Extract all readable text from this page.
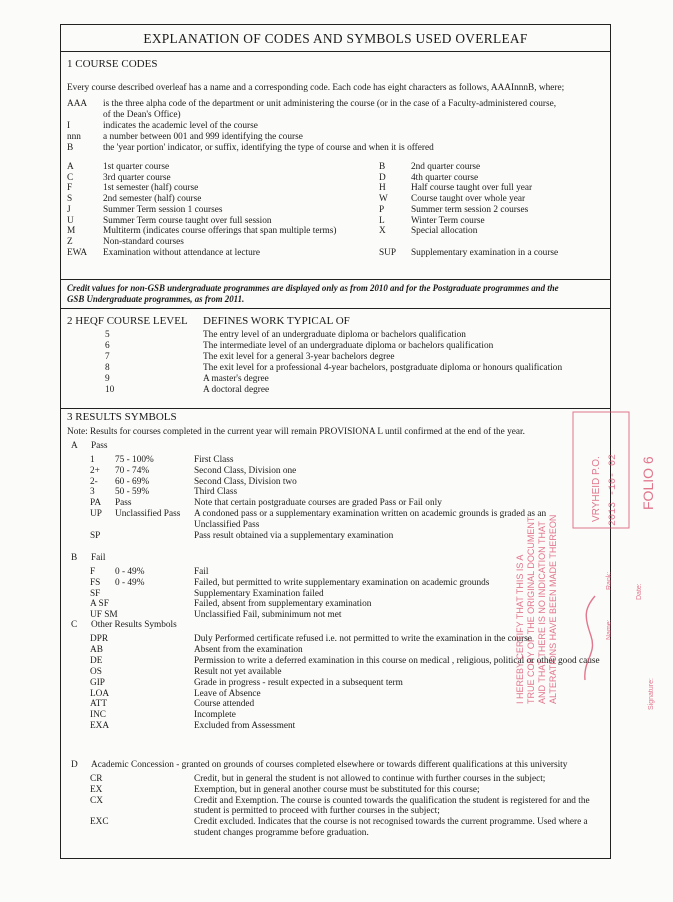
EXPLANATION OF CODES AND SYMBOLS USED OVERLEAF
1 COURSE CODES
Every course described overleaf has a name and a corresponding code. Each code has eight characters as follows, AAAInnnB, where;
AAA is the three alpha code of the department or unit administering the course (or in the case of a Faculty-administered course,
of the Dean's Office)
I	indicates the academic level of the course
nnn a number between 001 and 999 identifying the course
B	the 'year portion' indicator, or suffix, identifying the type of course and when it is offered
A	1st quarter course
C	3rd quarter course
F	1st semester (half) course
S	2nd semester (half) course
J	Summer Term session 1 courses
U	Summer Term course taught over full session
M	Multiterm (indicates course offerings that span multiple terms)
Z	Non-standard courses
EWA Examination without attendance at lecture
B	2nd quarter course
D	4th quarter course
H	Half course taught over full year
W Course taught over whole year
P	Summer term session 2 courses
L	Winter Term course
X	Special allocation
SUP Supplementary examination in a course
Credit values for non-GSB undergraduate programmes are displayed only as from 2010 and for the Postgraduate programmes and the
GSB Undergraduate programmes, as from 2011.
2 HEQF COURSE LEVEL DEFINES WORK TYPICAL OF
5	The entry level of an undergraduate diploma or bachelors qualification
6	The intermediate level of an undergraduate diploma or bachelors qualification
7	The exit level for a general 3-year bachelors degree
8	The exit level for a professional 4-year bachelors, postgraduate diploma or honours qualification
9	A master's degree
10	A doctoral degree
3 RESULTS SYMBOLS
Note: Results for courses completed in the current year will remain PROVISIONA L until confirmed at the end of the year.
A Pass
1 75 - 100%	First Class
2+ 70 - 74%	Second Class, Division one
2- 60 - 69%	Second Class, Division two
3 50 - 59%	Third Class
PA Pass	Note that certain postgraduate courses are graded Pass or Fail only
UP Unclassified Pass A condoned pass or a supplementary examination written on academic grounds is graded as an
Unclassified Pass
SP	Pass result obtained via a supplementary examination
B Fail
F 0 - 49%	Fail
FS 0 - 49%	Failed, but permitted to write supplementary examination on academic grounds
SF	Supplementary Examination failed
A SF	Failed, absent from supplementary examination
UF SM	Unclassified Fail, subminimum not met
C Other Results Symbols
DPR	Duly Performed certificate refused i.e. not permitted to write the examination in the course
AB	Absent from the examination
DE	Permission to write a deferred examination in this course on medical , religious, political or other good cause
OS	Result not yet available
GIP	Grade in progress - result expected in a subsequent term
LOA	Leave of Absence
ATT	Course attended
INC	Incomplete
EXA	Excluded from Assessment
D Academic Concession - granted on grounds of courses completed elsewhere or towards different qualifications at this university
CR	Credit, but in general the student is not allowed to continue with further courses in the subject;
EX	Exemption, but in general another course must be substituted for this course;
CX	Credit and Exemption. The course is counted towards the qualification the student is registered for and the
student is permitted to proceed with further courses in the subject;
EXC	Credit excluded. Indicates that the course is not recognised towards the current programme. Used where a
student changes programme before graduation.
I HEREBY CERTIFY THAT THIS IS A TRUE COPY OF THE ORIGINAL DOCUMENT AND THAT THERE IS NO INDICATION THAT ALTERATIONS HAVE BEEN MADE THEREON
VRYHEID P.O. 2013 -10- 02 FOLIO 6
Name:
Rank:
Date:
Signature:
